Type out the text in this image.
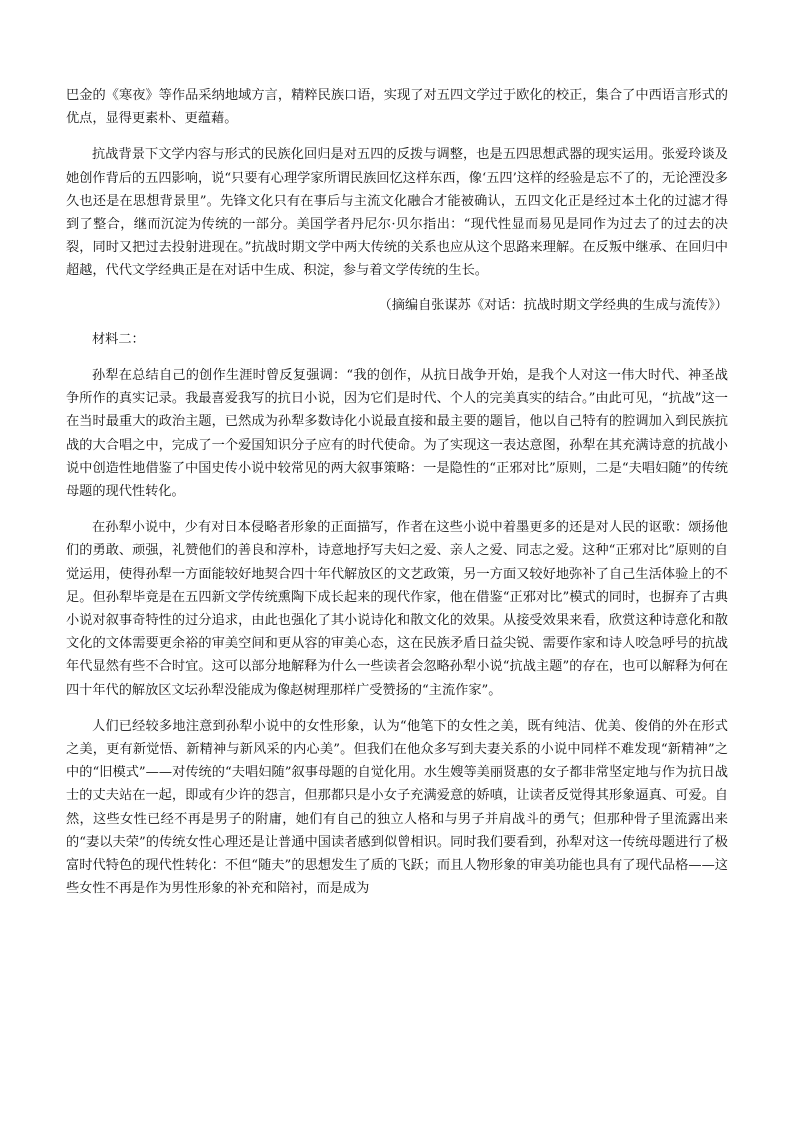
巴金的《寒夜》等作品采纳地域方言，精粹民族口语，实现了对五四文学过于欧化的校正，集合了中西语言形式的优点，显得更素朴、更蕴藉。

抗战背景下文学内容与形式的民族化回归是对五四的反拨与调整，也是五四思想武器的现实运用。张爱玲谈及她创作背后的五四影响，说“只要有心理学家所谓民族回忆这样东西，像‘五四’这样的经验是忘不了的，无论湮没多久也还是在思想背景里”。先锋文化只有在事后与主流文化融合才能被确认，五四文化正是经过本土化的过滤才得到了整合，继而沉淀为传统的一部分。美国学者丹尼尔·贝尔指出：“现代性显而易见是同作为过去了的过去的决裂，同时又把过去投射进现在。”抗战时期文学中两大传统的关系也应从这个思路来理解。在反叛中继承、在回归中超越，代代文学经典正是在对话中生成、积淀，参与着文学传统的生长。

（摘编自张谋苏《对话：抗战时期文学经典的生成与流传》）

材料二：

孙犁在总结自己的创作生涯时曾反复强调：“我的创作，从抗日战争开始，是我个人对这一伟大时代、神圣战争所作的真实记录。我最喜爱我写的抗日小说，因为它们是时代、个人的完美真实的结合。”由此可见，“抗战”这一在当时最重大的政治主题，已然成为孙犁多数诗化小说最直接和最主要的题旨，他以自己特有的腔调加入到民族抗战的大合唱之中，完成了一个爱国知识分子应有的时代使命。为了实现这一表达意图，孙犁在其充满诗意的抗战小说中创造性地借鉴了中国史传小说中较常见的两大叙事策略：一是隐性的“正邪对比”原则，二是“夫唱妇随”的传统母题的现代性转化。

在孙犁小说中，少有对日本侵略者形象的正面描写，作者在这些小说中着墨更多的还是对人民的讴歌：颂扬他们的勇敢、顽强，礼赞他们的善良和淳朴，诗意地抒写夫妇之爱、亲人之爱、同志之爱。这种“正邪对比”原则的自觉运用，使得孙犁一方面能较好地契合四十年代解放区的文艺政策，另一方面又较好地弥补了自己生活体验上的不足。但孙犁毕竟是在五四新文学传统熏陶下成长起来的现代作家，他在借鉴“正邪对比”模式的同时，也摒弃了古典小说对叙事奇特性的过分追求，由此也强化了其小说诗化和散文化的效果。从接受效果来看，欣赏这种诗意化和散文化的文体需要更余裕的审美空间和更从容的审美心态，这在民族矛盾日益尖锐、需要作家和诗人咬急呼号的抗战年代显然有些不合时宜。这可以部分地解释为什么一些读者会忽略孙犁小说“抗战主题”的存在，也可以解释为何在四十年代的解放区文坛孙犁没能成为像赵树理那样广受赞扬的“主流作家”。

人们已经较多地注意到孙犁小说中的女性形象，认为“他笔下的女性之美，既有纯洁、优美、俊俏的外在形式之美，更有新觉悟、新精神与新风采的内心美”。但我们在他众多写到夫妻关系的小说中同样不难发现“新精神”之中的“旧模式”——对传统的“夫唱妇随”叙事母题的自觉化用。水生嫂等美丽贤惠的女子都非常坚定地与作为抗日战士的丈夫站在一起，即或有少许的怨言，但那都只是小女子充满爱意的娇嗔，让读者反觉得其形象逼真、可爱。自然，这些女性已经不再是男子的附庸，她们有自己的独立人格和与男子并肩战斗的勇气；但那种骨子里流露出来的“妻以夫荣”的传统女性心理还是让普通中国读者感到似曾相识。同时我们要看到，孙犁对这一传统母题进行了极富时代特色的现代性转化：不但“随夫”的思想发生了质的飞跃；而且人物形象的审美功能也具有了现代品格——这些女性不再是作为男性形象的补充和陪衬，而是成为
